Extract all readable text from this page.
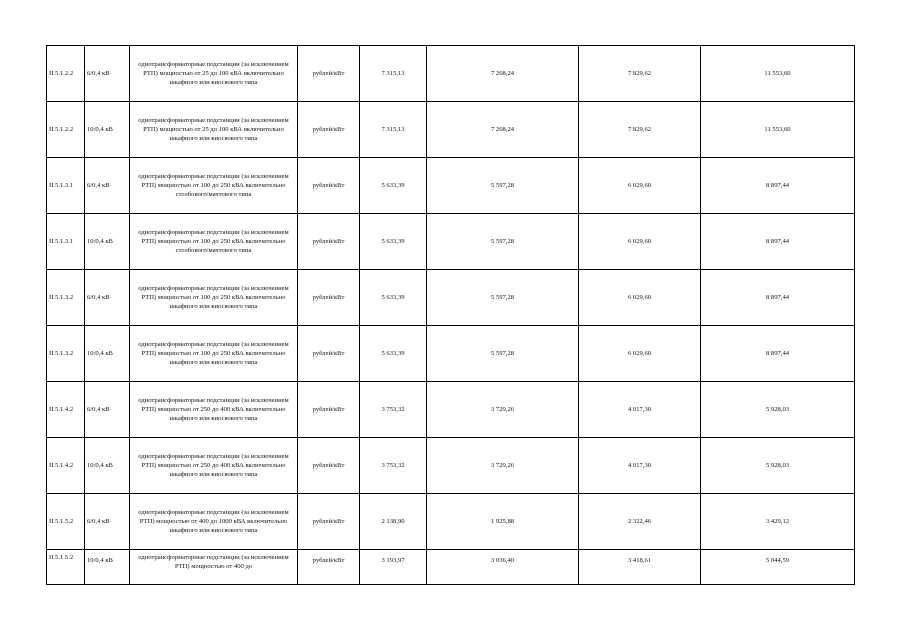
II.5.1.2.2	6/0,4 кВ	однотрансформаторные подстанции (за исключением РТП) мощностью от 25 до 100 кВА включительно шкафного или киоскового типа	рублей/кВт	7 315,13	7 268,24	7 829,62	11 553,60
II.5.1.2.2	10/0,4 кВ	однотрансформаторные подстанции (за исключением РТП) мощностью от 25 до 100 кВА включительно шкафного или киоскового типа	рублей/кВт	7 315,13	7 268,24	7 829,62	11 553,60
II.5.1.3.1	6/0,4 кВ	однотрансформаторные подстанции (за исключением РТП) мощностью от 100 до 250 кВА включительно столбового/мачтового типа	рублей/кВт	5 633,39	5 597,28	6 029,60	8 897,44
II.5.1.3.1	10/0,4 кВ	однотрансформаторные подстанции (за исключением РТП) мощностью от 100 до 250 кВА включительно столбового/мачтового типа	рублей/кВт	5 633,39	5 597,28	6 029,60	8 897,44
II.5.1.3.2	6/0,4 кВ	однотрансформаторные подстанции (за исключением РТП) мощностью от 100 до 250 кВА включительно шкафного или киоскового типа	рублей/кВт	5 633,39	5 597,28	6 029,60	8 897,44
II.5.1.3.2	10/0,4 кВ	однотрансформаторные подстанции (за исключением РТП) мощностью от 100 до 250 кВА включительно шкафного или киоскового типа	рублей/кВт	5 633,39	5 597,28	6 029,60	8 897,44
II.5.1.4.2	6/0,4 кВ	однотрансформаторные подстанции (за исключением РТП) мощностью от 250 до 400 кВА включительно шкафного или киоскового типа	рублей/кВт	3 753,32	3 729,26	4 017,30	5 928,03
II.5.1.4.2	10/0,4 кВ	однотрансформаторные подстанции (за исключением РТП) мощностью от 250 до 400 кВА включительно шкафного или киоскового типа	рублей/кВт	3 753,32	3 729,26	4 017,30	5 928,03
II.5.1.5.2	6/0,4 кВ	однотрансформаторные подстанции (за исключением РТП) мощностью от 400 до 1000 кВА включительно шкафного или киоскового типа	рублей/кВт	2 138,90	1 925,88	2 322,46	3 429,12
II.5.1.5.2	10/0,4 кВ	однотрансформаторные подстанции (за исключением РТП) мощностью от 400 до	рублей/кВт	3 193,97	3 036,40	3 418,61	5 044,59
